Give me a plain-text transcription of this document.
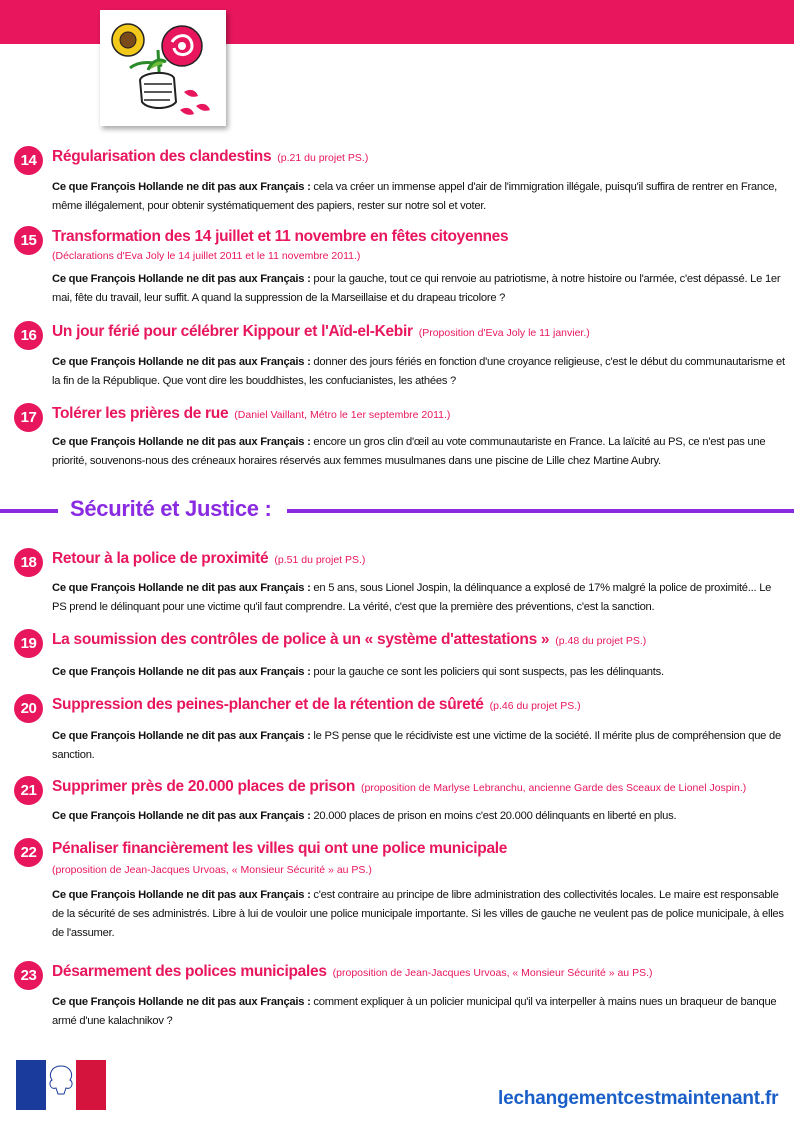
14	Régularisation des clandestins (p.21 du projet PS.)
Ce que François Hollande ne dit pas aux Français : cela va créer un immense appel d'air de l'immigration illégale, puisqu'il suffira de rentrer en France, même illégalement, pour obtenir systématiquement des papiers, rester sur notre sol et voter.
15	Transformation des 14 juillet et 11 novembre en fêtes citoyennes
(Déclarations d'Eva Joly le 14 juillet 2011 et le 11 novembre 2011.)
Ce que François Hollande ne dit pas aux Français : pour la gauche, tout ce qui renvoie au patriotisme, à notre histoire ou l'armée, c'est dépassé. Le 1er mai, fête du travail, leur suffit. A quand la suppression de la Marseillaise et du drapeau tricolore ?
16	Un jour férié pour célébrer Kippour et l'Aïd-el-Kebir (Proposition d'Eva Joly le 11 janvier.)
Ce que François Hollande ne dit pas aux Français : donner des jours fériés en fonction d'une croyance religieuse, c'est le début du communautarisme et la fin de la République. Que vont dire les bouddhistes, les confucianistes, les athées ?
17	Tolérer les prières de rue (Daniel Vaillant, Métro le 1er septembre 2011.)
Ce que François Hollande ne dit pas aux Français : encore un gros clin d'œil au vote communautariste en France. La laïcité au PS, ce n'est pas une priorité, souvenons-nous des créneaux horaires réservés aux femmes musulmanes dans une piscine de Lille chez Martine Aubry.
Sécurité et Justice :
18	Retour à la police de proximité (p.51 du projet PS.)
Ce que François Hollande ne dit pas aux Français : en 5 ans, sous Lionel Jospin, la délinquance a explosé de 17% malgré la police de proximité... Le PS prend le délinquant pour une victime qu'il faut comprendre. La vérité, c'est que la première des préventions, c'est la sanction.
19	La soumission des contrôles de police à un « système d'attestations » (p.48 du projet PS.)
Ce que François Hollande ne dit pas aux Français : pour la gauche ce sont les policiers qui sont suspects, pas les délinquants.
20	Suppression des peines-plancher et de la rétention de sûreté (p.46 du projet PS.)
Ce que François Hollande ne dit pas aux Français : le PS pense que le récidiviste est une victime de la société. Il mérite plus de compréhension que de sanction.
21	Supprimer près de 20.000 places de prison (proposition de Marlyse Lebranchu, ancienne Garde des Sceaux de Lionel Jospin.)
Ce que François Hollande ne dit pas aux Français : 20.000 places de prison en moins c'est 20.000 délinquants en liberté en plus.
22	Pénaliser financièrement les villes qui ont une police municipale
(proposition de Jean-Jacques Urvoas, « Monsieur Sécurité » au PS.)
Ce que François Hollande ne dit pas aux Français : c'est contraire au principe de libre administration des collectivités locales. Le maire est responsable de la sécurité de ses administrés. Libre à lui de vouloir une police municipale importante. Si les villes de gauche ne veulent pas de police municipale, à elles de l'assumer.
23	Désarmement des polices municipales (proposition de Jean-Jacques Urvoas, « Monsieur Sécurité » au PS.)
Ce que François Hollande ne dit pas aux Français : comment expliquer à un policier municipal qu'il va interpeller à mains nues un braqueur de banque armé d'une kalachnikov ?
UMP	lechangementcestmaintenant.fr
